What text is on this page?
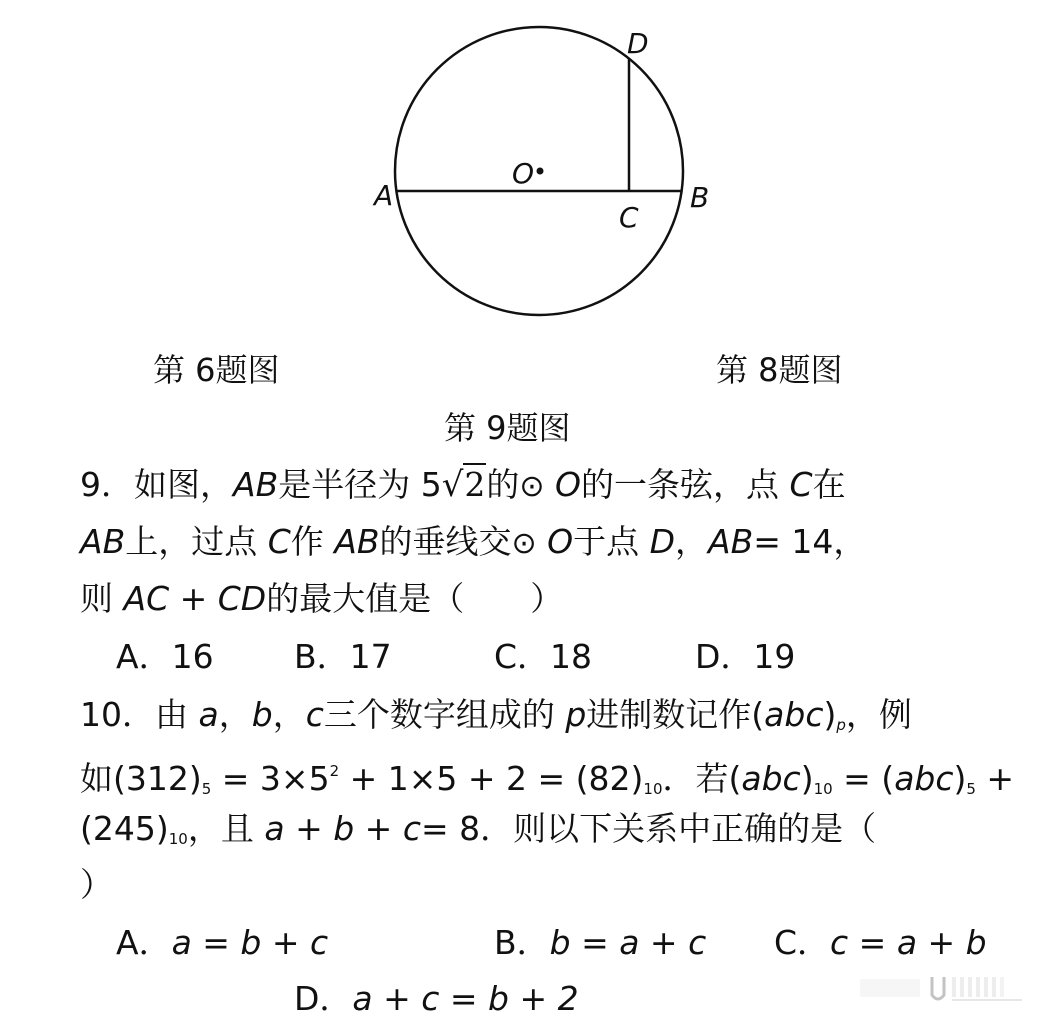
A	B
C
D
O
第 6题图	第 8题图
第 9题图
9．如图，AB是半径为 5√2的⊙ O的一条弦，点 C在
AB上，过点 C作 AB的垂线交⊙ O于点 D，AB= 14，
则 AC + CD的最大值是（　　）
A．16 B．17	C．18	D．19
10．由 a，b，c三个数字组成的 p进制数记作$(abc)_p$，例
如$(312)_5 = 3\times 5^2 + 1\times 5 + 2 = (82)_{10}$．若$(abc)_{10} = (abc)_5$ +
$(245)_{10}$，且 a + b + c= 8．则以下关系中正确的是（
）
A．a = b + c	B．b = a + c C．c = a + b
D．a + c = b + 2
